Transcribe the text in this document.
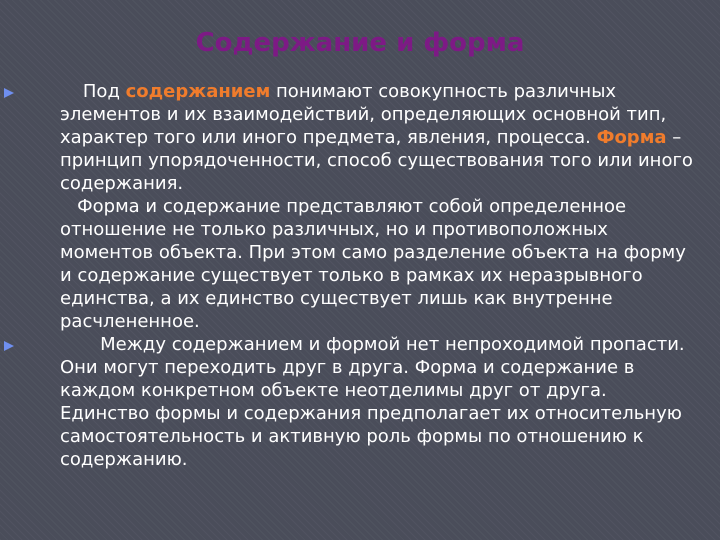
Содержание и форма

Под содержанием понимают совокупность различных элементов и их взаимодействий, определяющих основной тип, характер того или иного предмета, явления, процесса. Форма – принцип упорядоченности, способ существования того или иного содержания.

Форма и содержание представляют собой определенное отношение не только различных, но и противоположных моментов объекта. При этом само разделение объекта на форму и содержание существует только в рамках их неразрывного единства, а их единство существует лишь как внутренне расчлененное.

Между содержанием и формой нет непроходимой пропасти. Они могут переходить друг в друга. Форма и содержание в каждом конкретном объекте неотделимы друг от друга. Единство формы и содержания предполагает их относительную самостоятельность и активную роль формы по отношению к содержанию.
